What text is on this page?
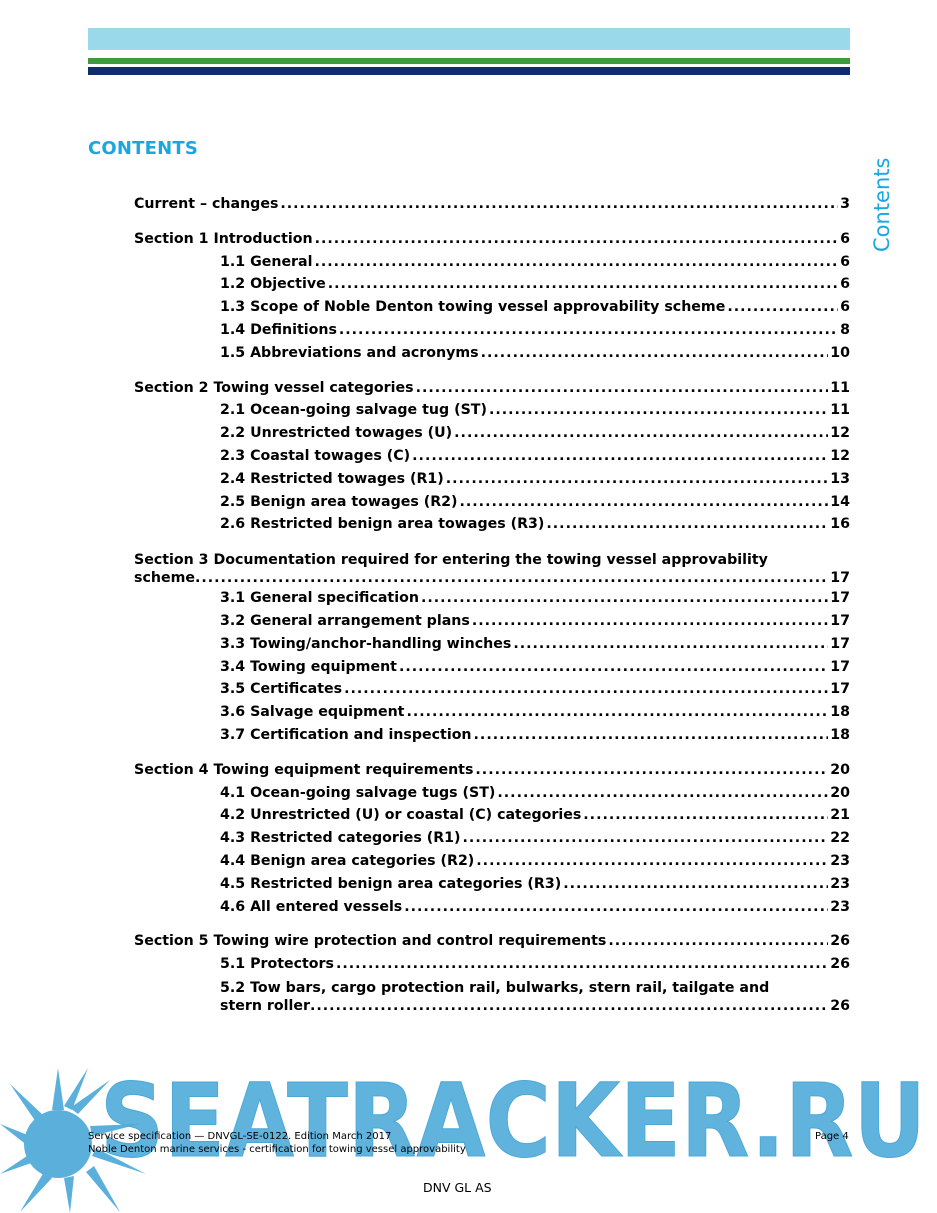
CONTENTS
Contents
Current – changes .....	3
Section 1 Introduction .....	6
1.1 General .....	6
1.2 Objective .....	6
1.3 Scope of Noble Denton towing vessel approvability scheme .....	6
1.4 Definitions .....	8
1.5 Abbreviations and acronyms .....	10
Section 2 Towing vessel categories .....	11
2.1 Ocean-going salvage tug (ST) .....	11
2.2 Unrestricted towages (U) .....	12
2.3 Coastal towages (C) .....	12
2.4 Restricted towages (R1) .....	13
2.5 Benign area towages (R2) .....	14
2.6 Restricted benign area towages (R3) .....	16
Section 3 Documentation required for entering the towing vessel approvability
scheme .....	17
3.1 General specification .....	17
3.2 General arrangement plans .....	17
3.3 Towing/anchor-handling winches .....	17
3.4 Towing equipment .....	17
3.5 Certificates .....	17
3.6 Salvage equipment .....	18
3.7 Certification and inspection .....	18
Section 4 Towing equipment requirements .....	20
4.1 Ocean-going salvage tugs (ST) .....	20
4.2 Unrestricted (U) or coastal (C) categories .....	21
4.3 Restricted categories (R1) .....	22
4.4 Benign area categories (R2) .....	23
4.5 Restricted benign area categories (R3) .....	23
4.6 All entered vessels .....	23
Section 5 Towing wire protection and control requirements .....	26
5.1 Protectors .....	26
5.2 Tow bars, cargo protection rail, bulwarks, stern rail, tailgate and
stern roller .....	26
SEATRACKER.RU
Service specification — DNVGL-SE-0122. Edition March 2017
Noble Denton marine services - certification for towing vessel approvability
Page 4
DNV GL AS
